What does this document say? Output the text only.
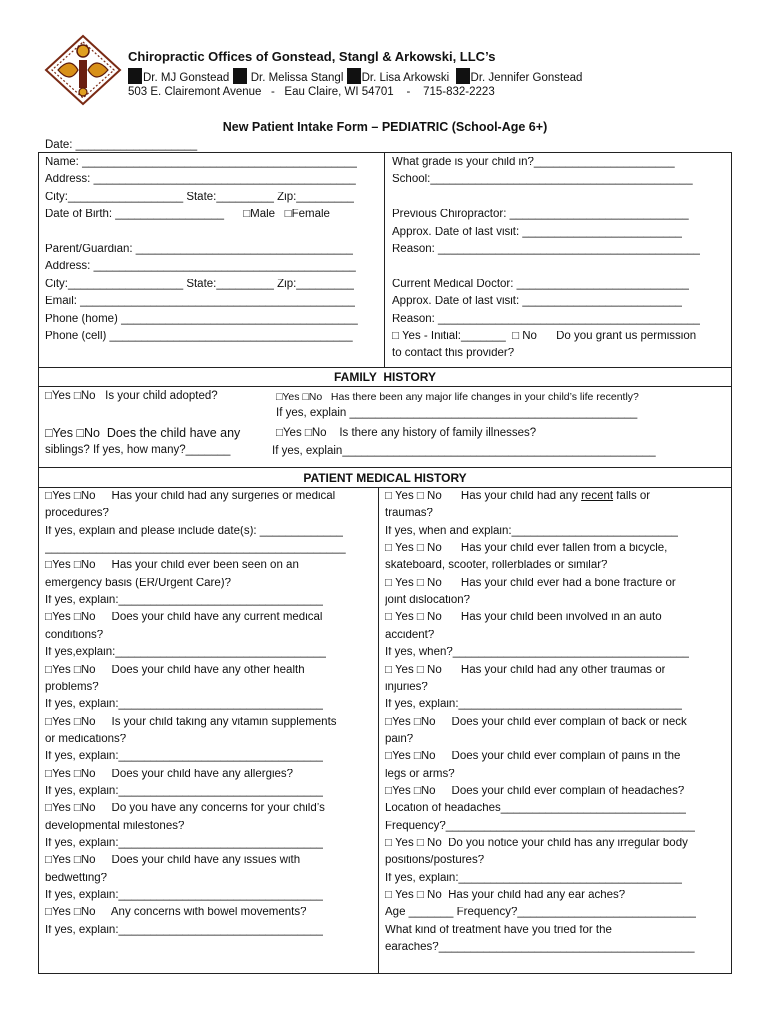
Chiropractic Offices of Gonstead, Stangl & Arkowski, LLC’s
Dr. MJ Gonstead Dr. Melissa Stangl Dr. Lisa Arkowski Dr. Jennifer Gonstead
503 E. Clairemont Avenue   -   Eau Claire, WI 54701    -    715-832-2223
New Patient Intake Form – PEDIATRIC (School-Age 6+)
Date: ___________________
FAMILY  HISTORY
PATIENT MEDICAL HISTORY
Name: ___________________________________________
Address: _________________________________________
City:__________________ State:_________ Zip:_________
Date of Birth: _________________      □Male   □Female
Parent/Guardian: __________________________________
Address: _________________________________________
City:__________________ State:_________ Zip:_________
Email: ___________________________________________
Phone (home) _____________________________________
Phone (cell) ______________________________________
What grade is your child in?______________________
School:_________________________________________
Previous Chiropractor: ____________________________
Approx. Date of last visit: _________________________
Reason: _________________________________________
Current Medical Doctor: ___________________________
Approx. Date of last visit: _________________________
Reason: _________________________________________
□ Yes - Initial:_______  □ No      Do you grant us permission
to contact this provider?
□Yes □No   Is your child adopted?	□Yes □No   Has there been any major life changes in your child’s life recently?
If yes, explain _____________________________________________
□Yes □No  Does the child have any
siblings? If yes, how many?_______
□Yes □No    Is there any history of family illnesses?
If yes, explain_________________________________________________
□Yes □No     Has your child had any surgeries or medical
procedures?
If yes, explain and please include date(s): _____________
_______________________________________________
□Yes □No     Has your child ever been seen on an
emergency basis (ER/Urgent Care)?
If yes, explain:________________________________
□Yes □No     Does your child have any current medical
conditions?
If yes,explain:_________________________________
□Yes □No     Does your child have any other health
problems?
If yes, explain:________________________________
□Yes □No     Is your child taking any vitamin supplements
or medications?
If yes, explain:________________________________
□Yes □No     Does your child have any allergies?
If yes, explain:________________________________
□Yes □No     Do you have any concerns for your child’s
developmental milestones?
If yes, explain:________________________________
□Yes □No     Does your child have any issues with
bedwetting?
If yes, explain:________________________________
□Yes □No     Any concerns with bowel movements?
If yes, explain:________________________________
□ Yes □ No      Has your child had any recent falls or
traumas?
If yes, when and explain:__________________________
□ Yes □ No      Has your child ever fallen from a bicycle,
skateboard, scooter, rollerblades or similar?
□ Yes □ No      Has your child ever had a bone fracture or
joint dislocation?
□ Yes □ No      Has your child been involved in an auto
accident?
If yes, when?_____________________________________
□ Yes □ No      Has your child had any other traumas or
injuries?
If yes, explain:___________________________________
□Yes □No     Does your child ever complain of back or neck
pain?
□Yes □No     Does your child ever complain of pains in the
legs or arms?
□Yes □No     Does your child ever complain of headaches?
Location of headaches_____________________________
Frequency?_______________________________________
□ Yes □ No  Do you notice your child has any irregular body
positions/postures?
If yes, explain:___________________________________
□ Yes □ No  Has your child had any ear aches?
Age _______ Frequency?____________________________
What kind of treatment have you tried for the
earaches?________________________________________
